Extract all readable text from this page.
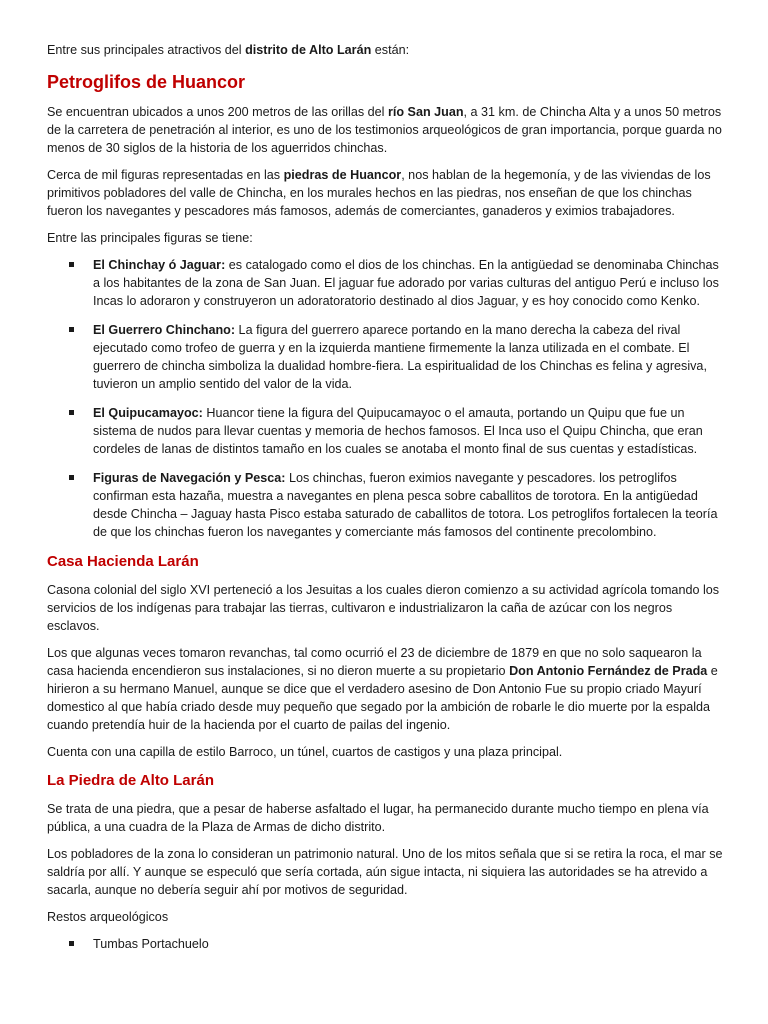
Entre sus principales atractivos del distrito de Alto Larán están:

Petroglifos de Huancor

Se encuentran ubicados a unos 200 metros de las orillas del río San Juan, a 31 km. de Chincha Alta y a unos 50 metros de la carretera de penetración al interior, es uno de los testimonios arqueológicos de gran importancia, porque guarda no menos de 30 siglos de la historia de los aguerridos chinchas.

Cerca de mil figuras representadas en las piedras de Huancor, nos hablan de la hegemonía, y de las viviendas de los primitivos pobladores del valle de Chincha, en los murales hechos en las piedras, nos enseñan de que los chinchas fueron los navegantes y pescadores más famosos, además de comerciantes, ganaderos y eximios trabajadores.

Entre las principales figuras se tiene:

El Chinchay ó Jaguar: es catalogado como el dios de los chinchas. En la antigüedad se denominaba Chinchas a los habitantes de la zona de San Juan. El jaguar fue adorado por varias culturas del antiguo Perú e incluso los Incas lo adoraron y construyeron un adoratoratorio destinado al dios Jaguar, y es hoy conocido como Kenko.
El Guerrero Chinchano: La figura del guerrero aparece portando en la mano derecha la cabeza del rival ejecutado como trofeo de guerra y en la izquierda mantiene firmemente la lanza utilizada en el combate. El guerrero de chincha simboliza la dualidad hombre-fiera. La espiritualidad de los Chinchas es felina y agresiva, tuvieron un amplio sentido del valor de la vida.
El Quipucamayoc: Huancor tiene la figura del Quipucamayoc o el amauta, portando un Quipu que fue un sistema de nudos para llevar cuentas y memoria de hechos famosos. El Inca uso el Quipu Chincha, que eran cordeles de lanas de distintos tamaño en los cuales se anotaba el monto final de sus cuentas y estadísticas.
Figuras de Navegación y Pesca: Los chinchas, fueron eximios navegante y pescadores. los petroglifos confirman esta hazaña, muestra a navegantes en plena pesca sobre caballitos de torotora. En la antigüedad desde Chincha – Jaguay hasta Pisco estaba saturado de caballitos de totora. Los petroglifos fortalecen la teoría de que los chinchas fueron los navegantes y comerciante más famosos del continente precolombino.
Casa Hacienda Larán

Casona colonial del siglo XVI perteneció a los Jesuitas a los cuales dieron comienzo a su actividad agrícola tomando los servicios de los indígenas para trabajar las tierras, cultivaron e industrializaron la caña de azúcar con los negros esclavos.

Los que algunas veces tomaron revanchas, tal como ocurrió el 23 de diciembre de 1879 en que no solo saquearon la casa hacienda encendieron sus instalaciones, si no dieron muerte a su propietario Don Antonio Fernández de Prada e hirieron a su hermano Manuel, aunque se dice que el verdadero asesino de Don Antonio Fue su propio criado Mayurí domestico al que había criado desde muy pequeño que segado por la ambición de robarle le dio muerte por la espalda cuando pretendía huir de la hacienda por el cuarto de pailas del ingenio.

Cuenta con una capilla de estilo Barroco, un túnel, cuartos de castigos y una plaza principal.

La Piedra de Alto Larán

Se trata de una piedra, que a pesar de haberse asfaltado el lugar, ha permanecido durante mucho tiempo en plena vía pública, a una cuadra de la Plaza de Armas de dicho distrito.

Los pobladores de la zona lo consideran un patrimonio natural. Uno de los mitos señala que si se retira la roca, el mar se saldría por allí. Y aunque se especuló que sería cortada, aún sigue intacta, ni siquiera las autoridades se ha atrevido a sacarla, aunque no debería seguir ahí por motivos de seguridad.

Restos arqueológicos

Tumbas Portachuelo
